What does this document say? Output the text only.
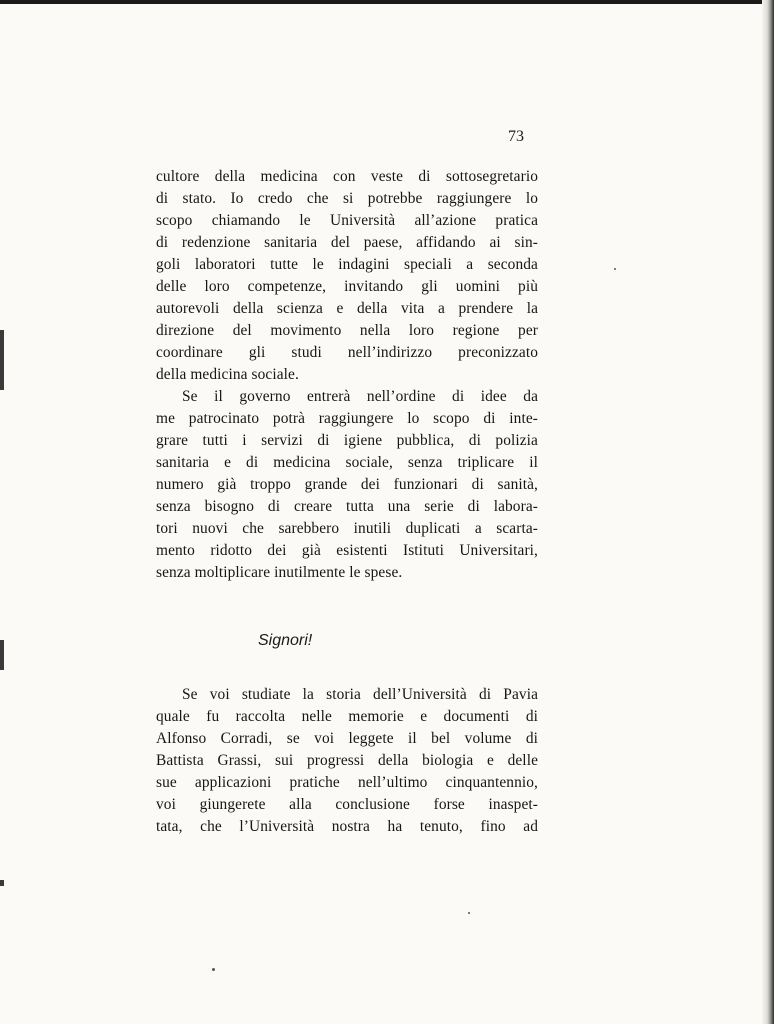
73
cultore della medicina con veste di sottosegretario
di stato. Io credo che si potrebbe raggiungere lo
scopo chiamando le Università all’azione pratica
di redenzione sanitaria del paese, affidando ai sin-
goli laboratori tutte le indagini speciali a seconda
delle loro competenze, invitando gli uomini più
autorevoli della scienza e della vita a prendere la
direzione del movimento nella loro regione per
coordinare gli studi nell’indirizzo preconizzato
della medicina sociale.
Se il governo entrerà nell’ordine di idee da
me patrocinato potrà raggiungere lo scopo di inte-
grare tutti i servizi di igiene pubblica, di polizia
sanitaria e di medicina sociale, senza triplicare il
numero già troppo grande dei funzionari di sanità,
senza bisogno di creare tutta una serie di labora-
tori nuovi che sarebbero inutili duplicati a scarta-
mento ridotto dei già esistenti Istituti Universitari,
senza moltiplicare inutilmente le spese.
Signori!
Se voi studiate la storia dell’Università di Pavia
quale fu raccolta nelle memorie e documenti di
Alfonso Corradi, se voi leggete il bel volume di
Battista Grassi, sui progressi della biologia e delle
sue applicazioni pratiche nell’ultimo cinquantennio,
voi giungerete alla conclusione forse inaspet-
tata, che l’Università nostra ha tenuto, fino ad
